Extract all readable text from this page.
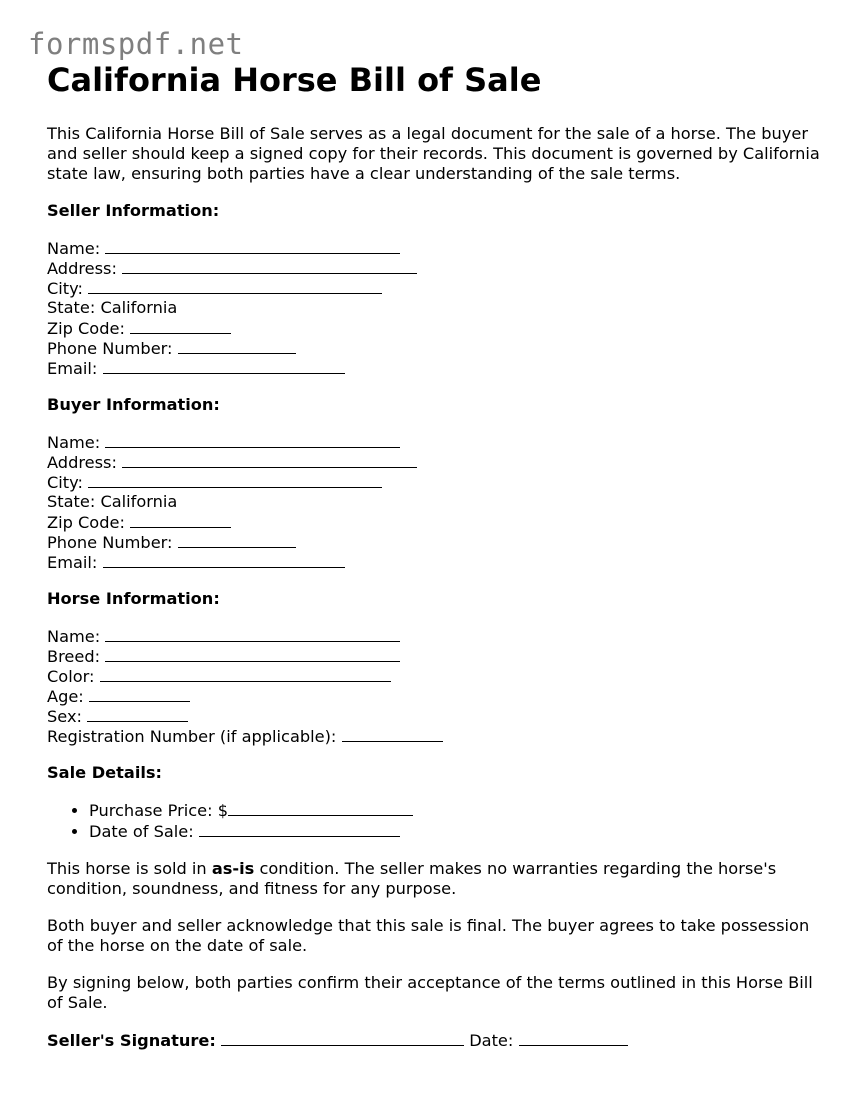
formspdf.net
California Horse Bill of Sale

This California Horse Bill of Sale serves as a legal document for the sale of a horse. The buyer and seller should keep a signed copy for their records. This document is governed by California state law, ensuring both parties have a clear understanding of the sale terms.

Seller Information:
Name:
Address:
City:
State: California
Zip Code:
Phone Number:
Email:
Buyer Information:
Name:
Address:
City:
State: California
Zip Code:
Phone Number:
Email:
Horse Information:
Name:
Breed:
Color:
Age:
Sex:
Registration Number (if applicable):
Sale Details:
• Purchase Price: $
• Date of Sale:

This horse is sold in as-is condition. The seller makes no warranties regarding the horse's condition, soundness, and fitness for any purpose.

Both buyer and seller acknowledge that this sale is final. The buyer agrees to take possession of the horse on the date of sale.

By signing below, both parties confirm their acceptance of the terms outlined in this Horse Bill of Sale.

Seller's Signature:	Date:
